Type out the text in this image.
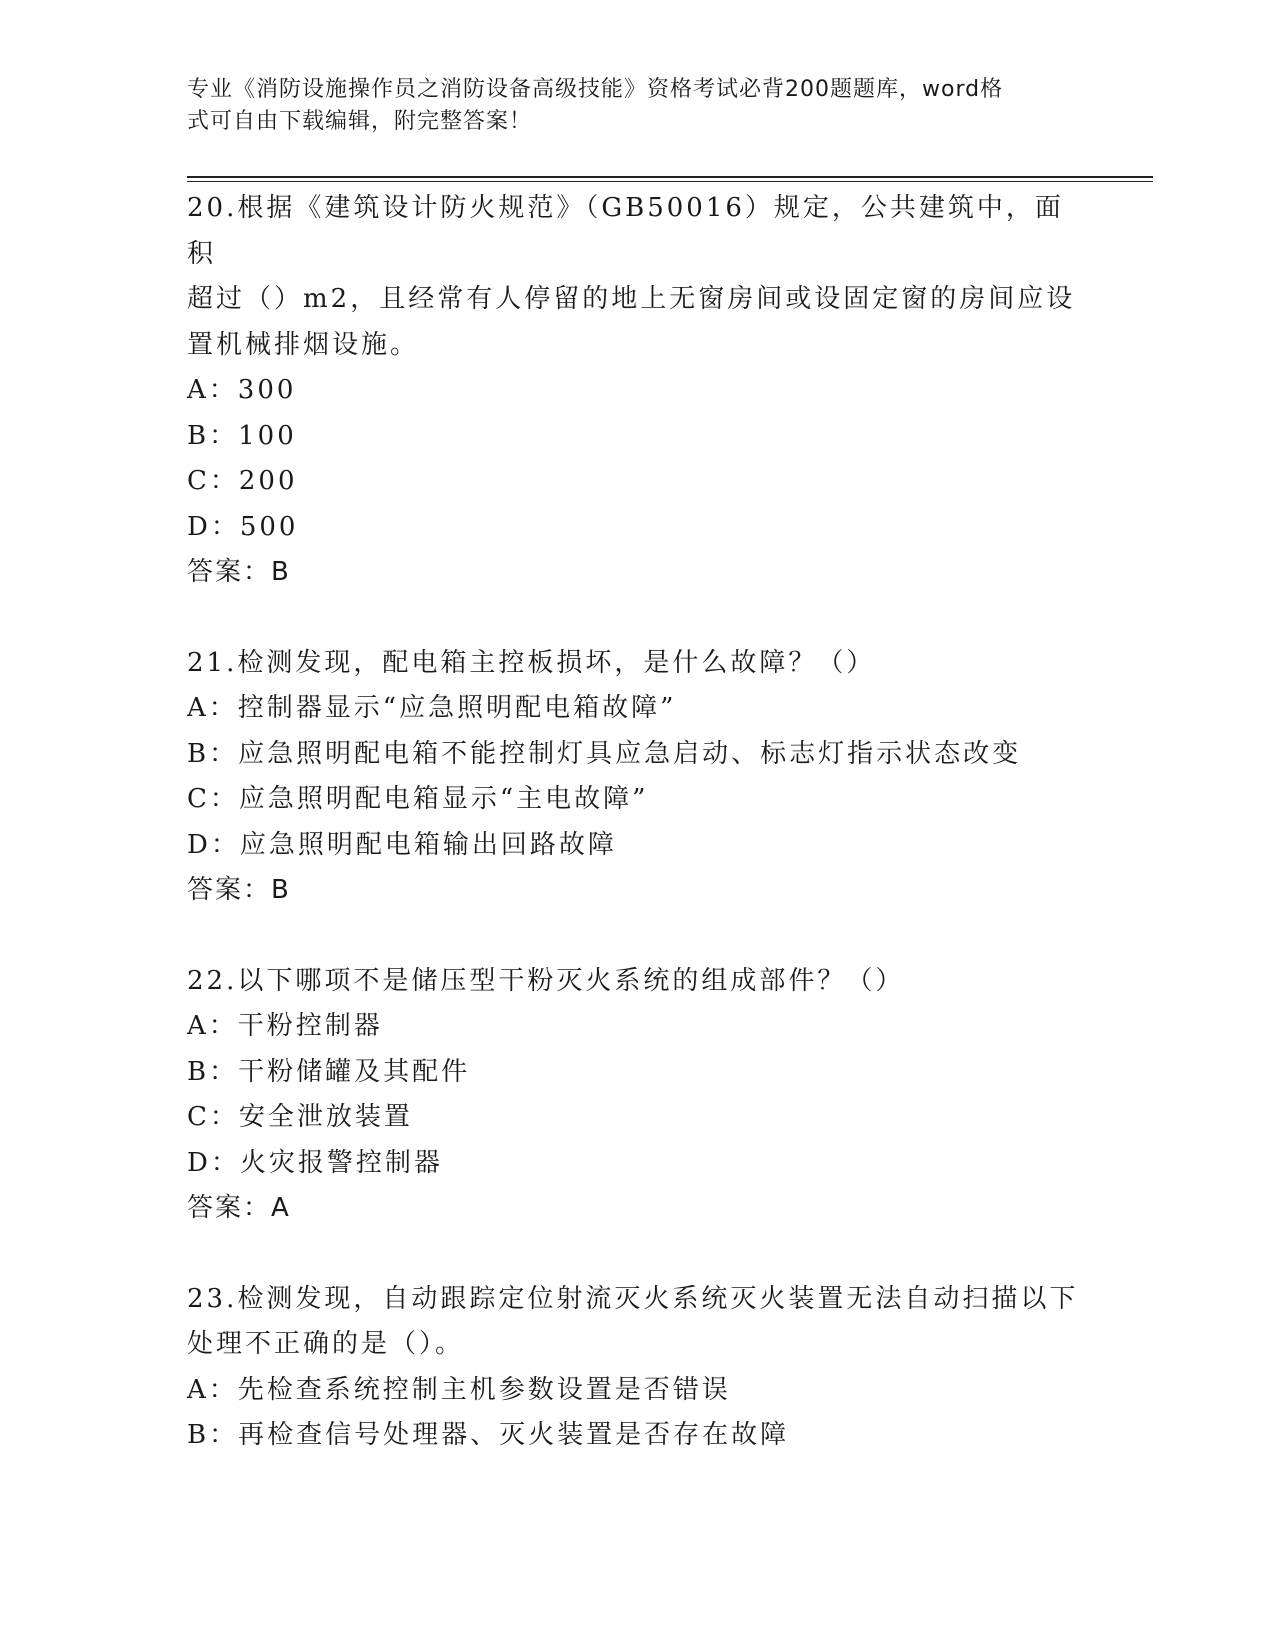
专业《消防设施操作员之消防设备高级技能》资格考试必背200题题库，word格
式可自由下载编辑，附完整答案！

20.根据《建筑设计防火规范》（GB50016）规定，公共建筑中，面积

超过（）m2，且经常有人停留的地上无窗房间或设固定窗的房间应设

置机械排烟设施。

A：300

B：100

C：200

D：500

答案：B

21.检测发现，配电箱主控板损坏，是什么故障？（）

A：控制器显示“应急照明配电箱故障”

B：应急照明配电箱不能控制灯具应急启动、标志灯指示状态改变

C：应急照明配电箱显示“主电故障”

D：应急照明配电箱输出回路故障

答案：B

22.以下哪项不是储压型干粉灭火系统的组成部件？（）

A：干粉控制器

B：干粉储罐及其配件

C：安全泄放装置

D：火灾报警控制器

答案：A

23.检测发现，自动跟踪定位射流灭火系统灭火装置无法自动扫描以下

处理不正确的是（）。

A：先检查系统控制主机参数设置是否错误

B：再检查信号处理器、灭火装置是否存在故障
